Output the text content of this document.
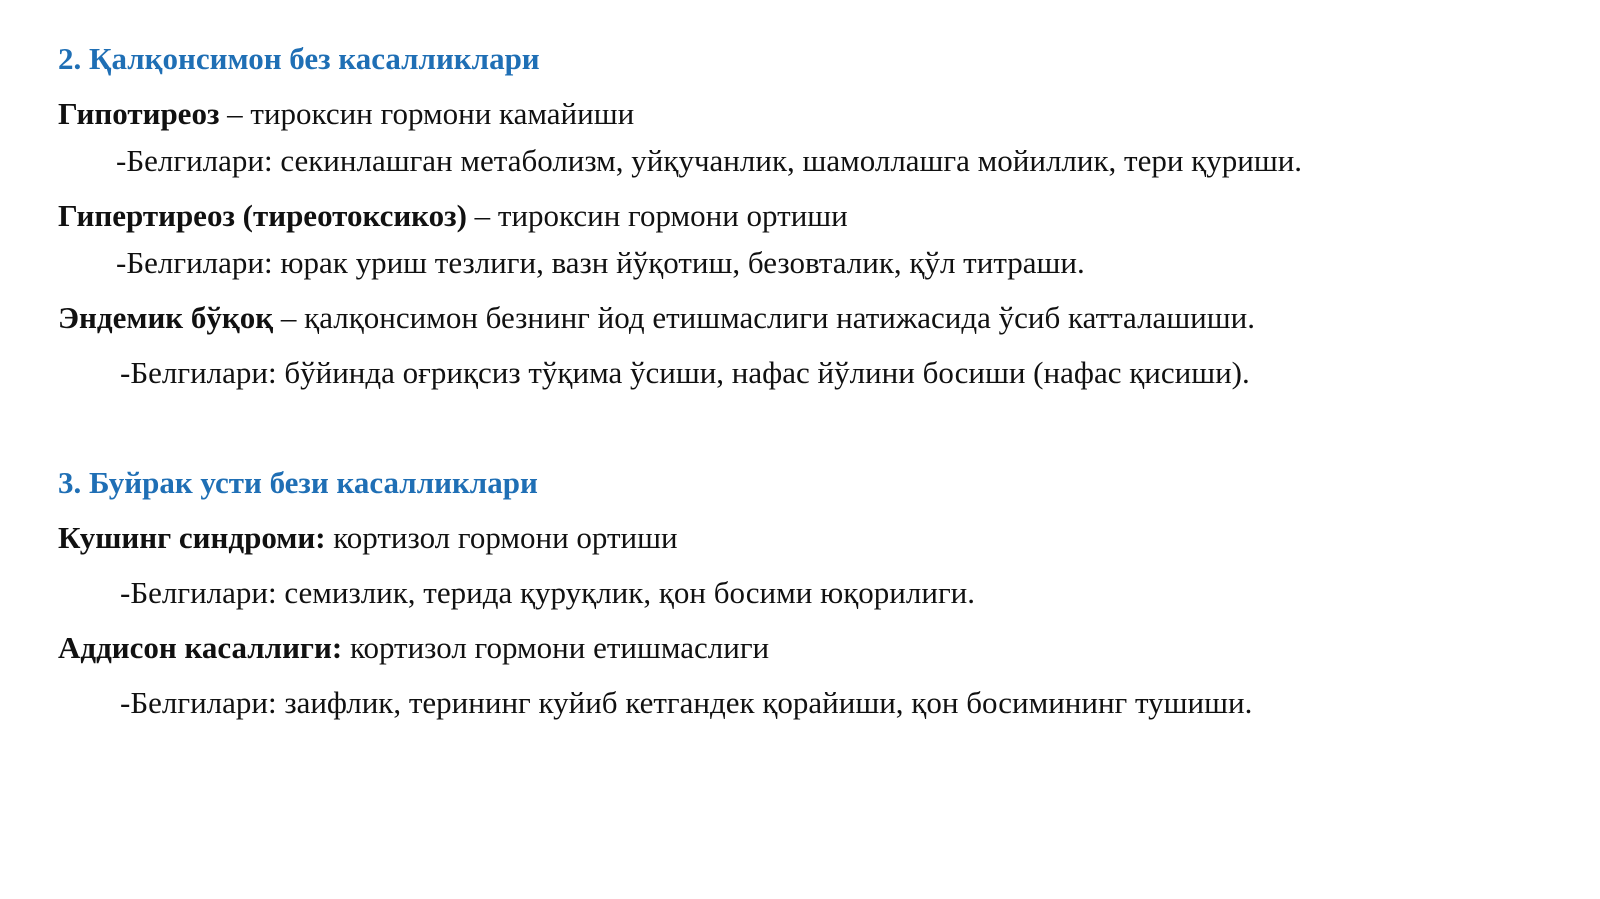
2. Қалқонсимон без касалликлари
Гипотиреоз – тироксин гормони камайиши
-Белгилари: секинлашган метаболизм, уйқучанлик, шамоллашга мойиллик, тери қуриши.
Гипертиреоз (тиреотоксикоз) – тироксин гормони ортиши
-Белгилари: юрак уриш тезлиги, вазн йўқотиш, безовталик, қўл титраши.
Эндемик бўқоқ – қалқонсимон безнинг йод етишмаслиги натижасида ўсиб катталашиши.
-Белгилари: бўйинда оғриқсиз тўқима ўсиши, нафас йўлини босиши (нафас қисиши).
3. Буйрак усти бези касалликлари
Кушинг синдроми: кортизол гормони ортиши
-Белгилари: семизлик, терида қуруқлик, қон босими юқорилиги.
Аддисон касаллиги: кортизол гормони етишмаслиги
-Белгилари: заифлик, терининг куйиб кетгандек қорайиши, қон босимининг тушиши.
